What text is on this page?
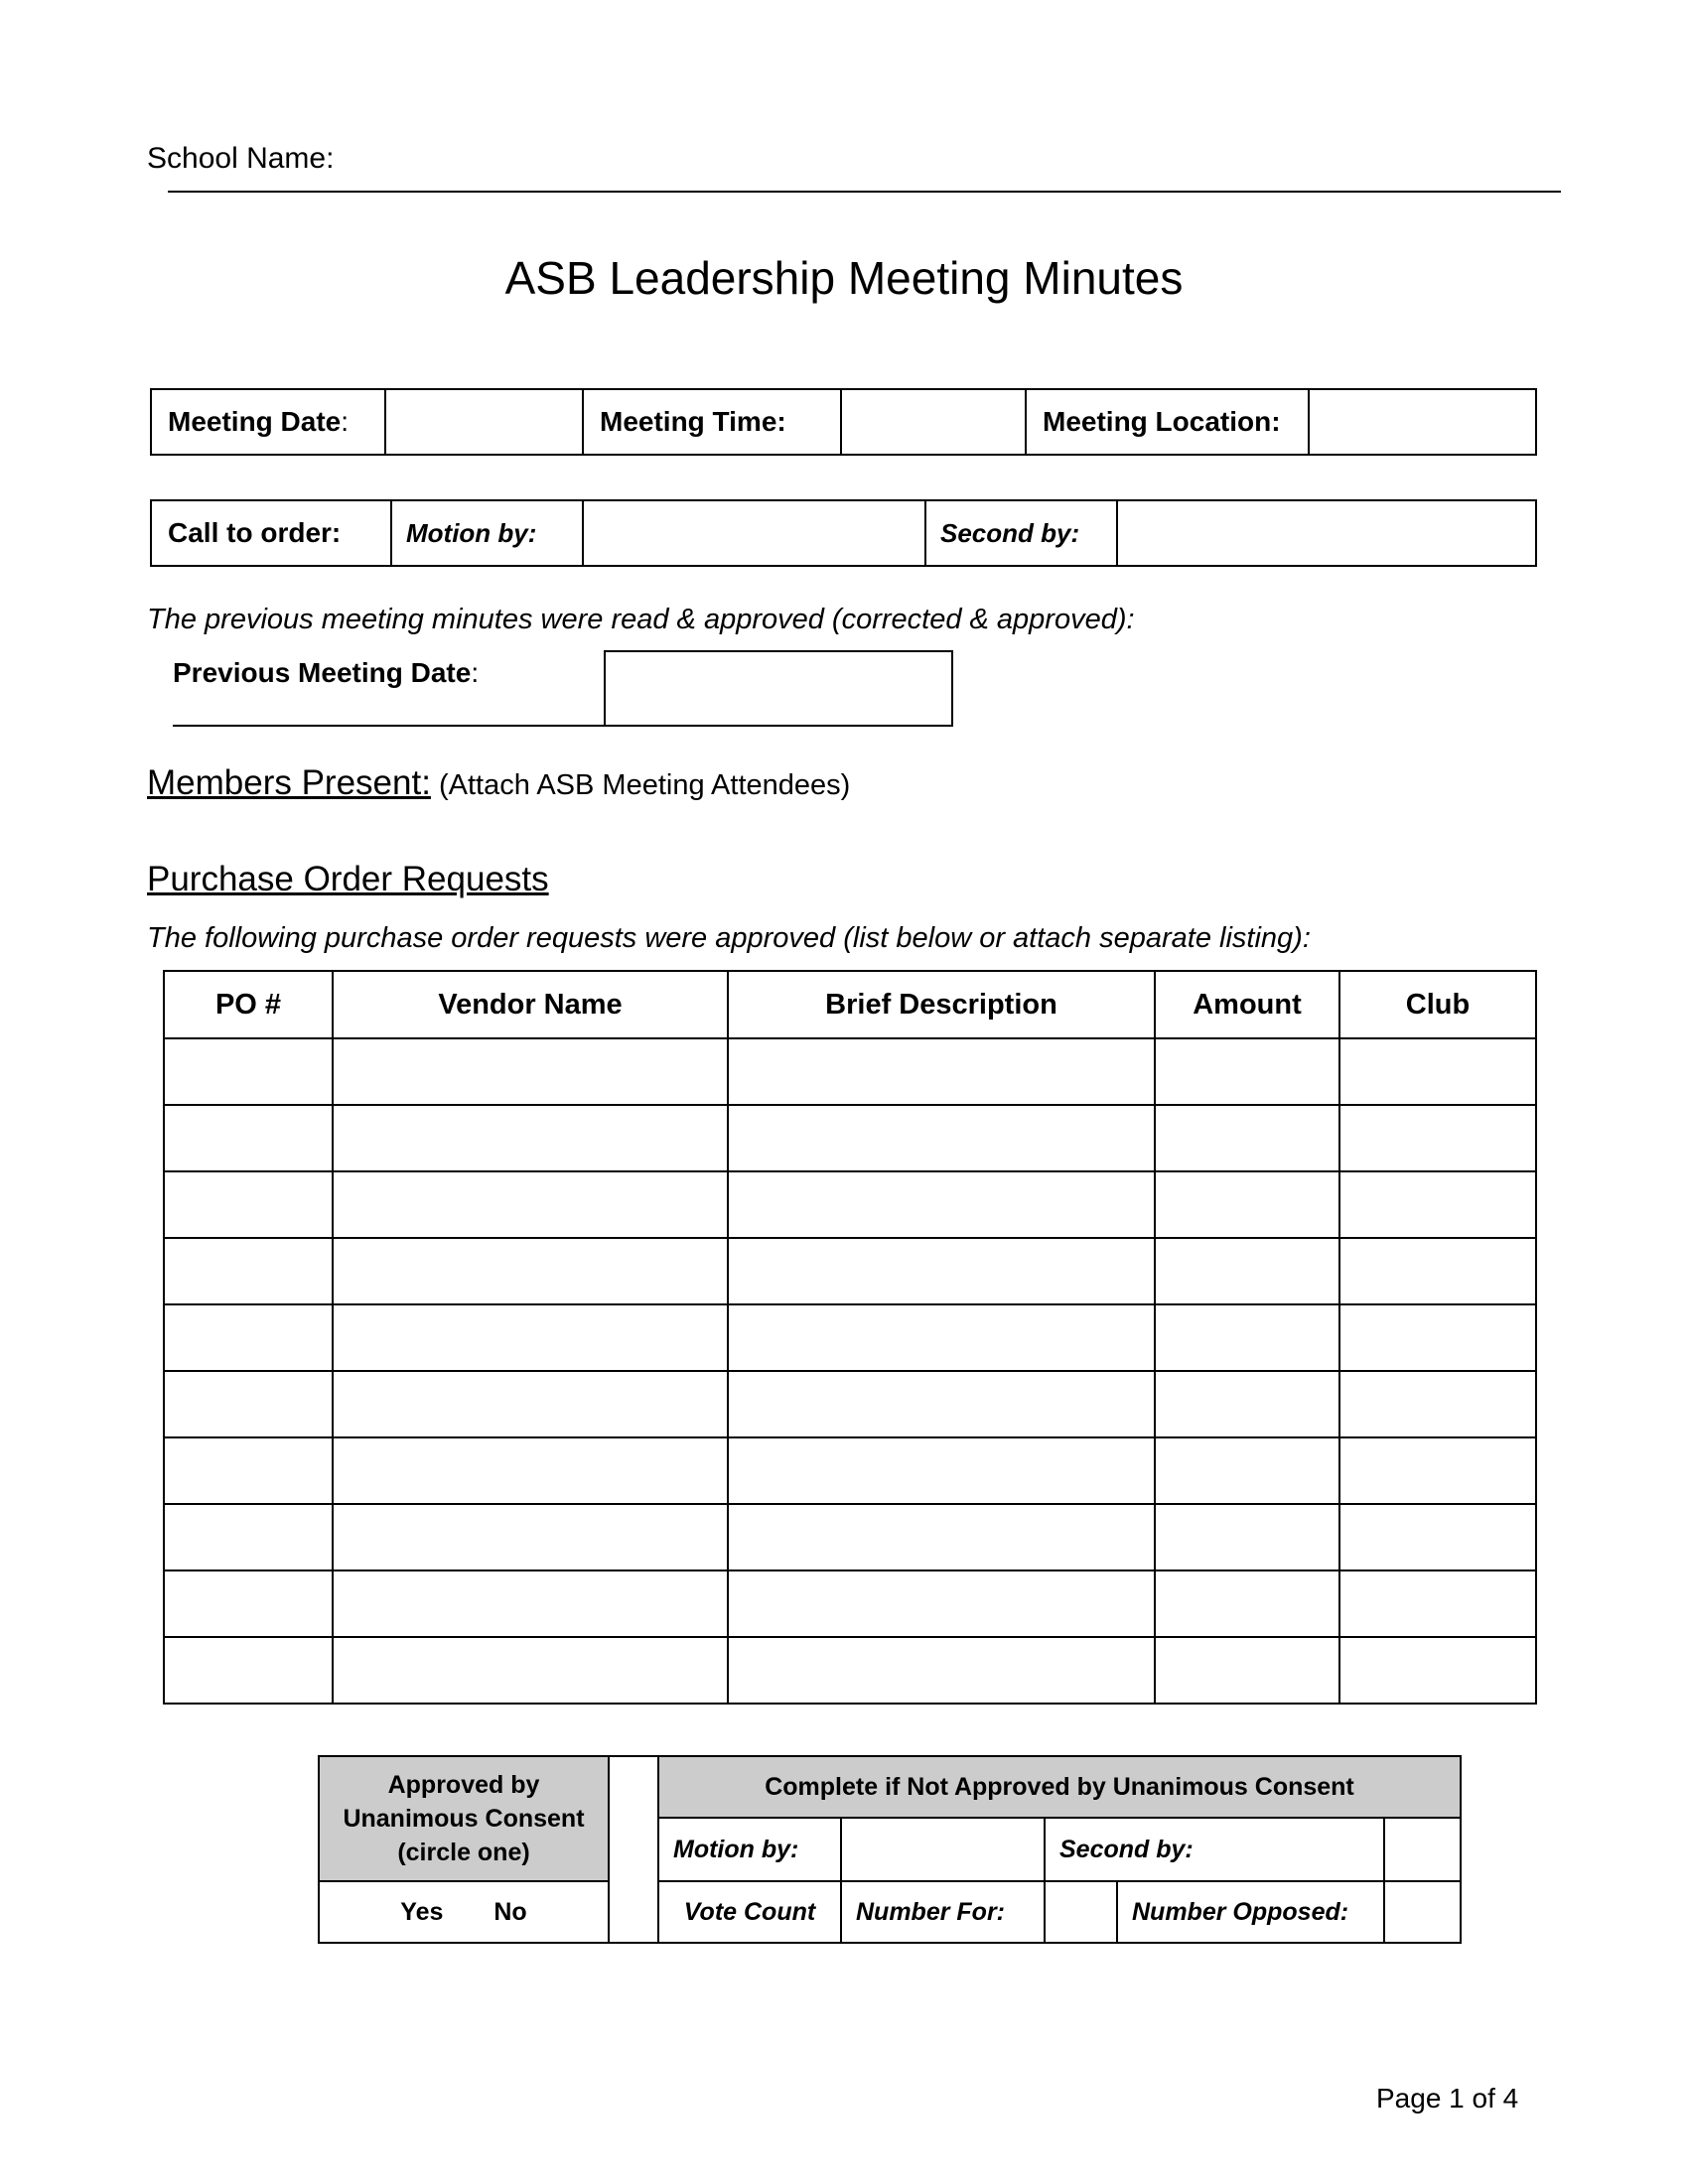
School Name:
ASB Leadership Meeting Minutes
Meeting Date:		Meeting Time:		Meeting Location:	
Call to order:	Motion by:		Second by:	
The previous meeting minutes were read & approved (corrected & approved):
Previous Meeting Date:	
Members Present: (Attach ASB Meeting Attendees)
Purchase Order Requests
The following purchase order requests were approved (list below or attach separate listing):
PO #	Vendor Name	Brief Description	Amount	Club

Approved by Unanimous Consent (circle one)		Complete if Not Approved by Unanimous Consent				
		Motion by:		Second by:		
Yes No		Vote Count	Number For:		Number Opposed:	
Page 1 of 4
